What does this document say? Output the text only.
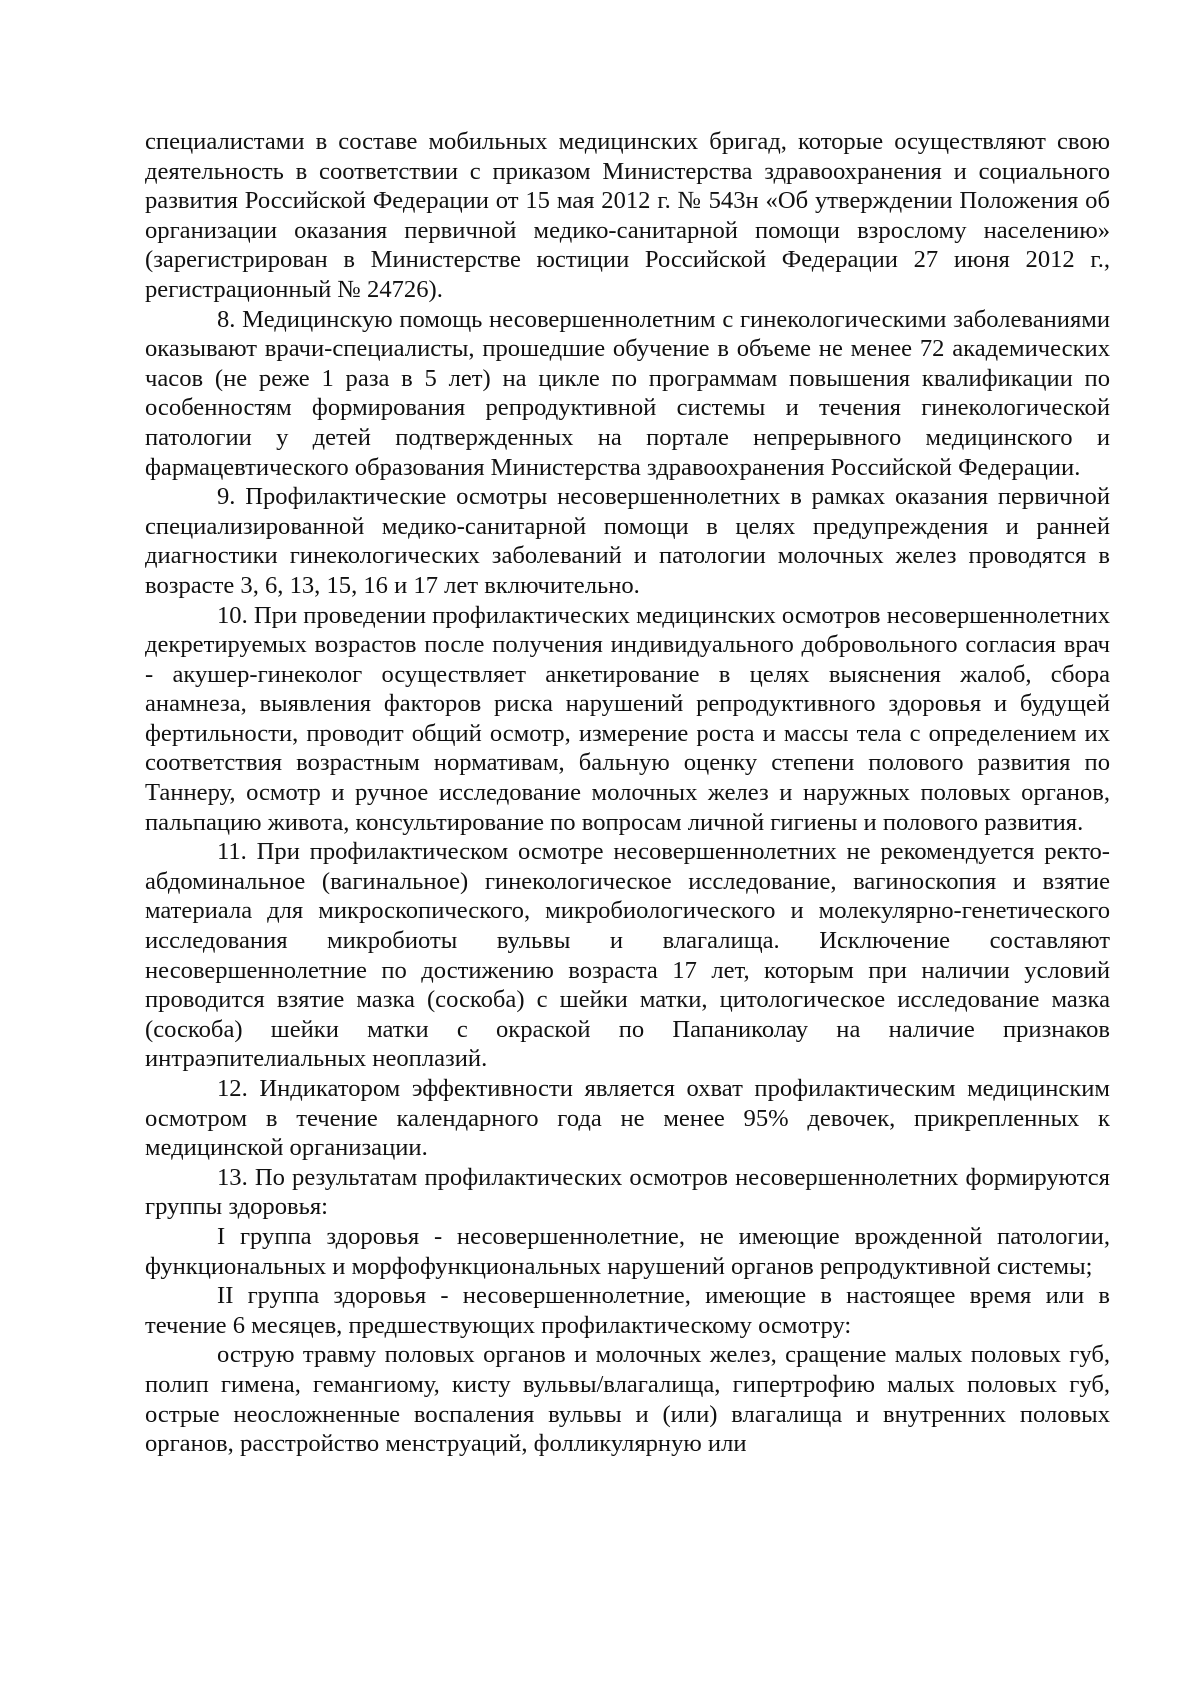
специалистами в составе мобильных медицинских бригад, которые осуществляют свою деятельность в соответствии с приказом Министерства здравоохранения и социального развития Российской Федерации от 15 мая 2012 г. № 543н «Об утверждении Положения об организации оказания первичной медико-санитарной помощи взрослому населению» (зарегистрирован в Министерстве юстиции Российской Федерации 27 июня 2012 г., регистрационный № 24726).

8. Медицинскую помощь несовершеннолетним с гинекологическими заболеваниями оказывают врачи-специалисты, прошедшие обучение в объеме не менее 72 академических часов (не реже 1 раза в 5 лет) на цикле по программам повышения квалификации по особенностям формирования репродуктивной системы и течения гинекологической патологии у детей подтвержденных на портале непрерывного медицинского и фармацевтического образования Министерства здравоохранения Российской Федерации.

9. Профилактические осмотры несовершеннолетних в рамках оказания первичной специализированной медико-санитарной помощи в целях предупреждения и ранней диагностики гинекологических заболеваний и патологии молочных желез проводятся в возрасте 3, 6, 13, 15, 16 и 17 лет включительно.

10. При проведении профилактических медицинских осмотров несовершеннолетних декретируемых возрастов после получения индивидуального добровольного согласия врач - акушер-гинеколог осуществляет анкетирование в целях выяснения жалоб, сбора анамнеза, выявления факторов риска нарушений репродуктивного здоровья и будущей фертильности, проводит общий осмотр, измерение роста и массы тела с определением их соответствия возрастным нормативам, бальную оценку степени полового развития по Таннеру, осмотр и ручное исследование молочных желез и наружных половых органов, пальпацию живота, консультирование по вопросам личной гигиены и полового развития.

11. При профилактическом осмотре несовершеннолетних не рекомендуется ректо-абдоминальное (вагинальное) гинекологическое исследование, вагиноскопия и взятие материала для микроскопического, микробиологического и молекулярно-генетического исследования микробиоты вульвы и влагалища. Исключение составляют несовершеннолетние по достижению возраста 17 лет, которым при наличии условий проводится взятие мазка (соскоба) с шейки матки, цитологическое исследование мазка (соскоба) шейки матки с окраской по Папаниколау на наличие признаков интраэпителиальных неоплазий.

12. Индикатором эффективности является охват профилактическим медицинским осмотром в течение календарного года не менее 95% девочек, прикрепленных к медицинской организации.

13. По результатам профилактических осмотров несовершеннолетних формируются группы здоровья:

I группа здоровья - несовершеннолетние, не имеющие врожденной патологии, функциональных и морфофункциональных нарушений органов репродуктивной системы;

II группа здоровья - несовершеннолетние, имеющие в настоящее время или в течение 6 месяцев, предшествующих профилактическому осмотру:

острую травму половых органов и молочных желез, сращение малых половых губ, полип гимена, гемангиому, кисту вульвы/влагалища, гипертрофию малых половых губ, острые неосложненные воспаления вульвы и (или) влагалища и внутренних половых органов, расстройство менструаций, фолликулярную или
